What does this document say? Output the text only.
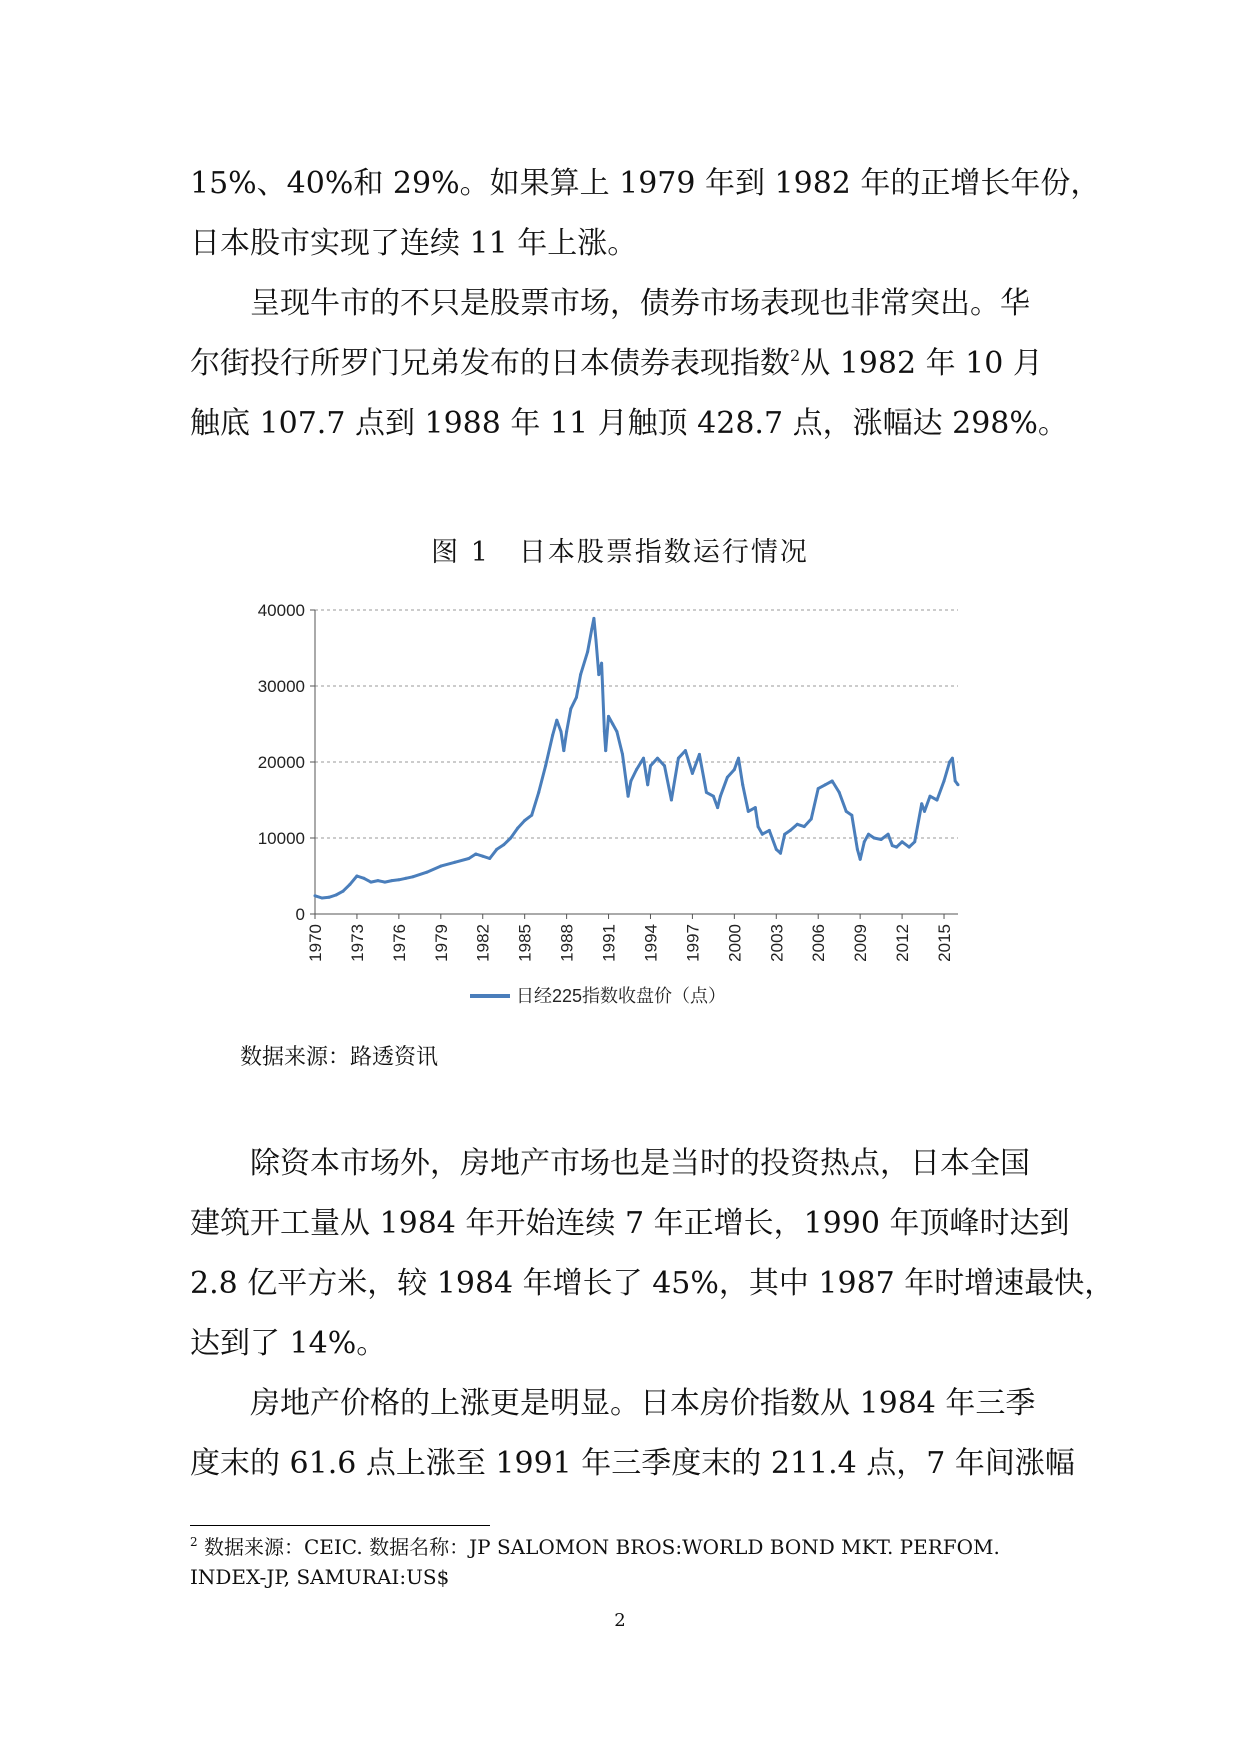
15%、40%和 29%。如果算上 1979 年到 1982 年的正增长年份，
日本股市实现了连续 11 年上涨。

呈现牛市的不只是股票市场，债券市场表现也非常突出。华
尔街投行所罗门兄弟发布的日本债券表现指数$^2$从 1982 年 10 月
触底 107.7 点到 1988 年 11 月触顶 428.7 点，涨幅达 298%。

图 1　日本股票指数运行情况
0
10000
20000
30000
40000
1970 1973 1976 1979 1982 1985 1988 1991 1994 1997 2000 2003 2006 2009 2012 2015
日经225指数收盘价（点）
数据来源：路透资讯

除资本市场外，房地产市场也是当时的投资热点，日本全国
建筑开工量从 1984 年开始连续 7 年正增长，1990 年顶峰时达到
2.8 亿平方米，较 1984 年增长了 45%，其中 1987 年时增速最快，
达到了 14%。

房地产价格的上涨更是明显。日本房价指数从 1984 年三季
度末的 61.6 点上涨至 1991 年三季度末的 211.4 点，7 年间涨幅

$^2$ 数据来源：CEIC. 数据名称：JP SALOMON BROS:WORLD BOND MKT. PERFOM.
INDEX-JP, SAMURAI:US$
2
